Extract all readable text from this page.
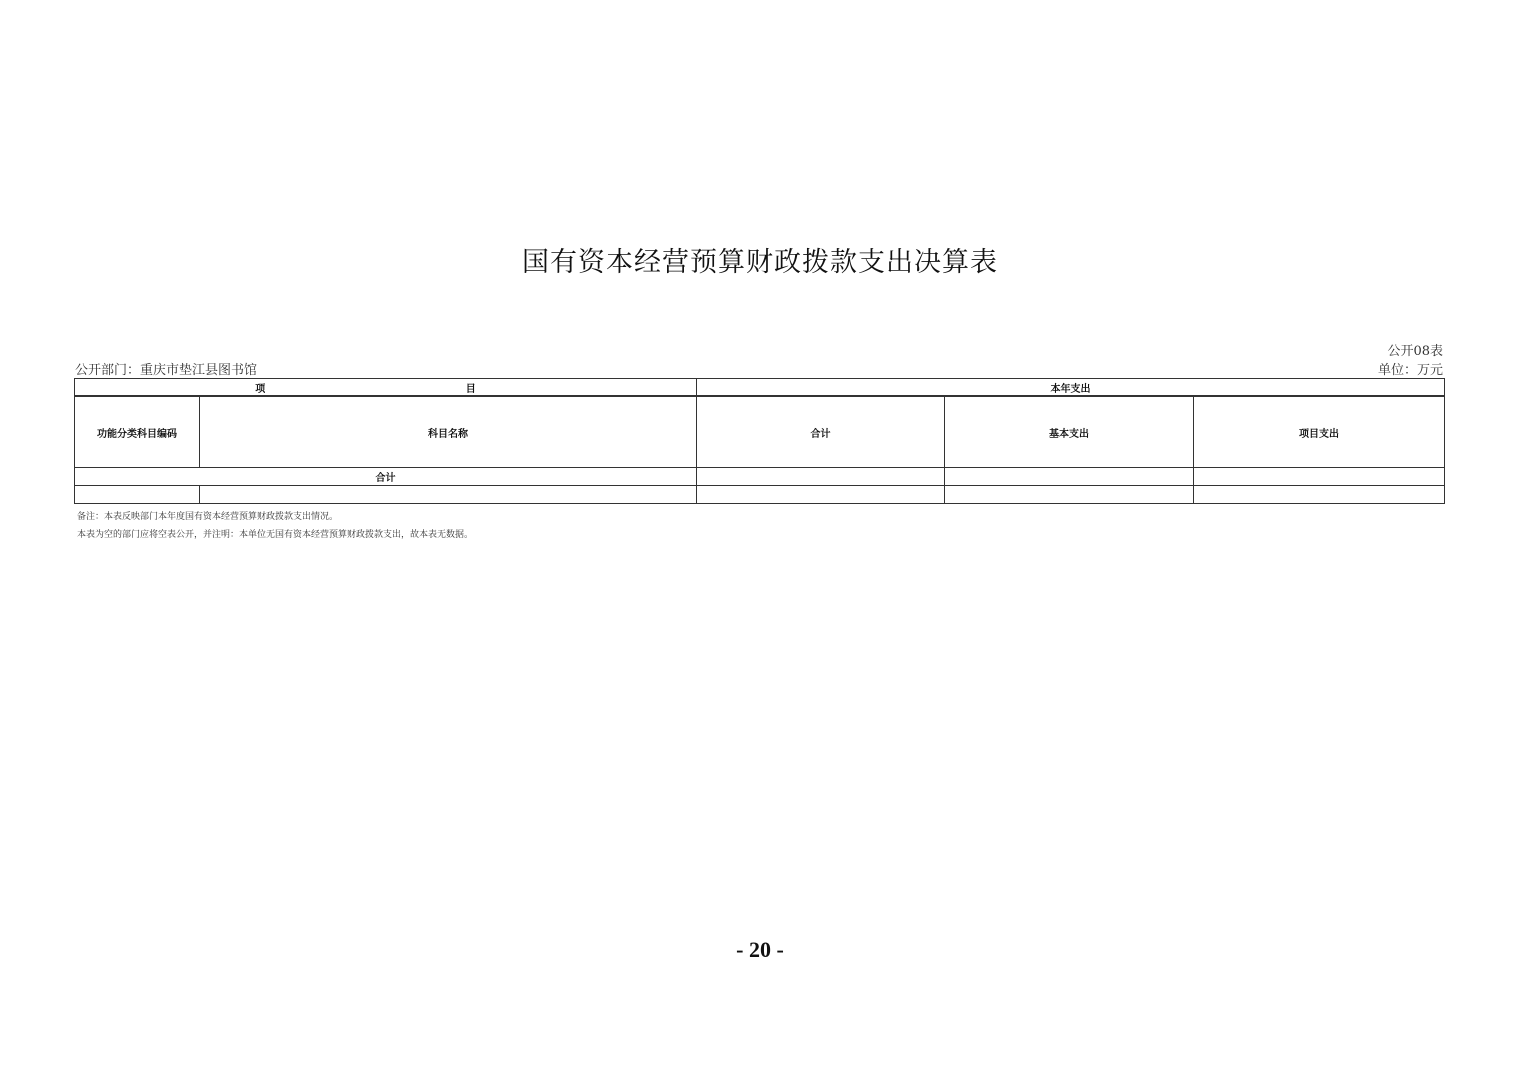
国有资本经营预算财政拨款支出决算表
公开08表
公开部门：重庆市垫江县图书馆	单位：万元
项 目		本年支出		
功能分类科目编码	科目名称	合计	基本支出	项目支出
合计				

备注：本表反映部门本年度国有资本经营预算财政拨款支出情况。
本表为空的部门应将空表公开，并注明：本单位无国有资本经营预算财政拨款支出，故本表无数据。
- 20 -
